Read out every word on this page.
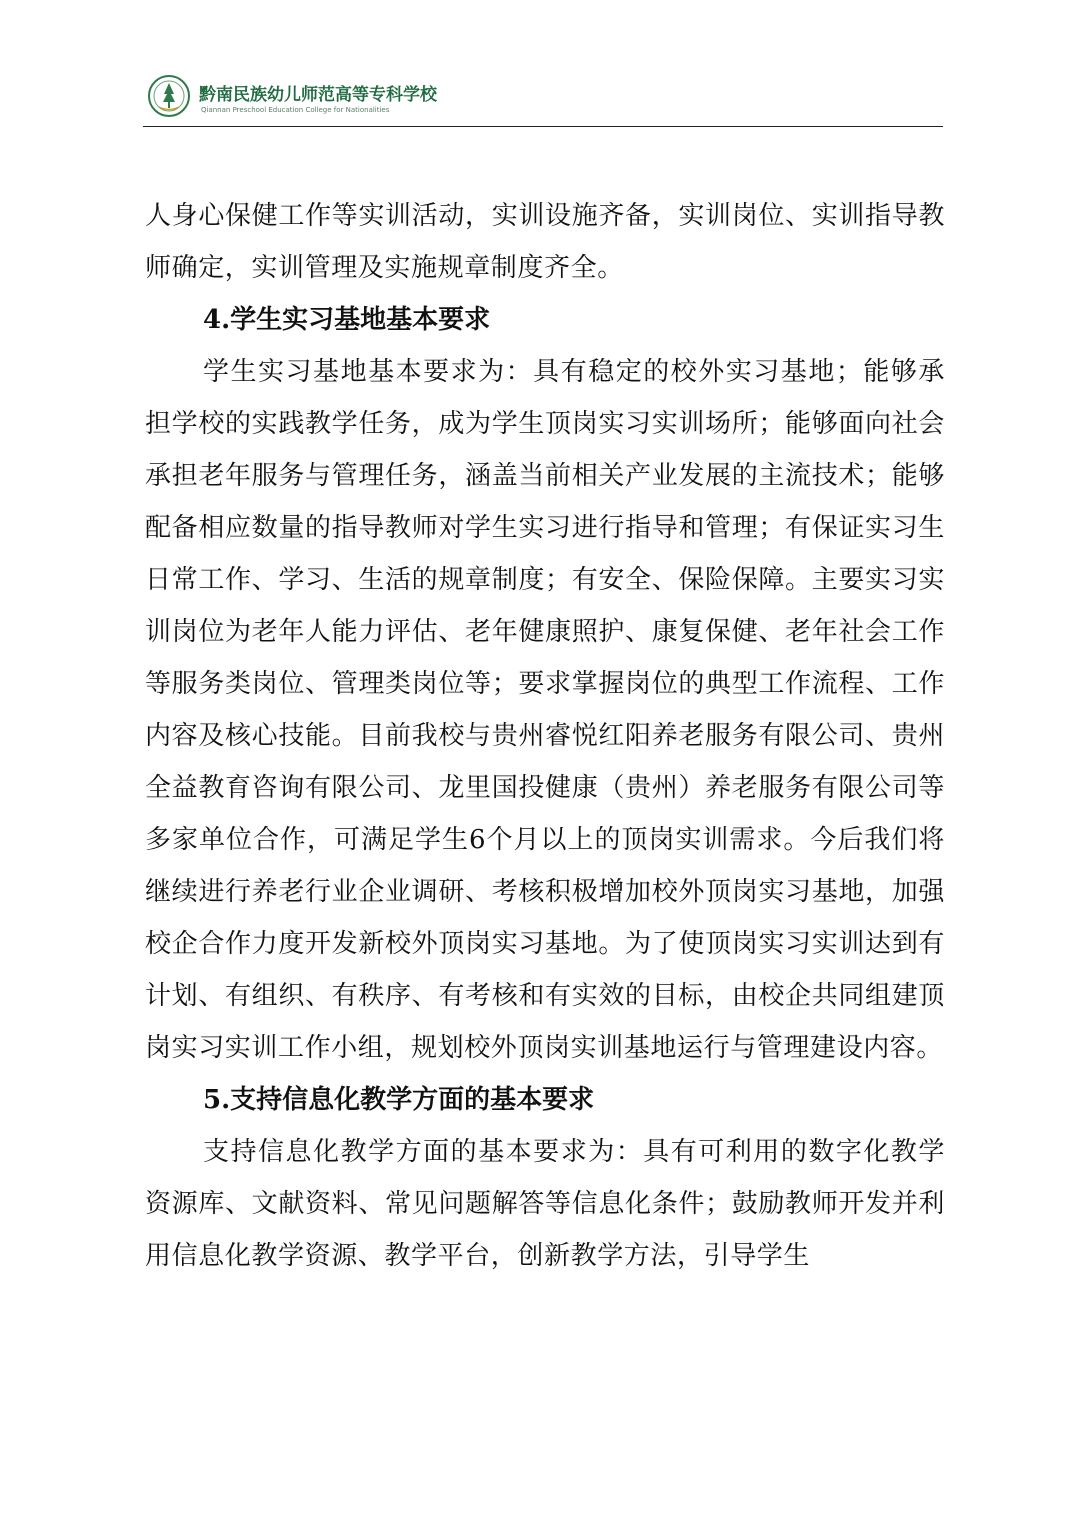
黔南民族幼儿师范高等专科学校
Qiannan Preschool Education College for Nationalities

人身心保健工作等实训活动，实训设施齐备，实训岗位、实训指导教师确定，实训管理及实施规章制度齐全。

4.学生实习基地基本要求

学生实习基地基本要求为：具有稳定的校外实习基地；能够承担学校的实践教学任务，成为学生顶岗实习实训场所；能够面向社会承担老年服务与管理任务，涵盖当前相关产业发展的主流技术；能够配备相应数量的指导教师对学生实习进行指导和管理；有保证实习生日常工作、学习、生活的规章制度；有安全、保险保障。主要实习实训岗位为老年人能力评估、老年健康照护、康复保健、老年社会工作等服务类岗位、管理类岗位等；要求掌握岗位的典型工作流程、工作内容及核心技能。目前我校与贵州睿悦红阳养老服务有限公司、贵州全益教育咨询有限公司、龙里国投健康（贵州）养老服务有限公司等多家单位合作，可满足学生6个月以上的顶岗实训需求。今后我们将继续进行养老行业企业调研、考核积极增加校外顶岗实习基地，加强校企合作力度开发新校外顶岗实习基地。为了使顶岗实习实训达到有计划、有组织、有秩序、有考核和有实效的目标，由校企共同组建顶岗实习实训工作小组，规划校外顶岗实训基地运行与管理建设内容。

5.支持信息化教学方面的基本要求

支持信息化教学方面的基本要求为：具有可利用的数字化教学资源库、文献资料、常见问题解答等信息化条件；鼓励教师开发并利用信息化教学资源、教学平台，创新教学方法，引导学生
